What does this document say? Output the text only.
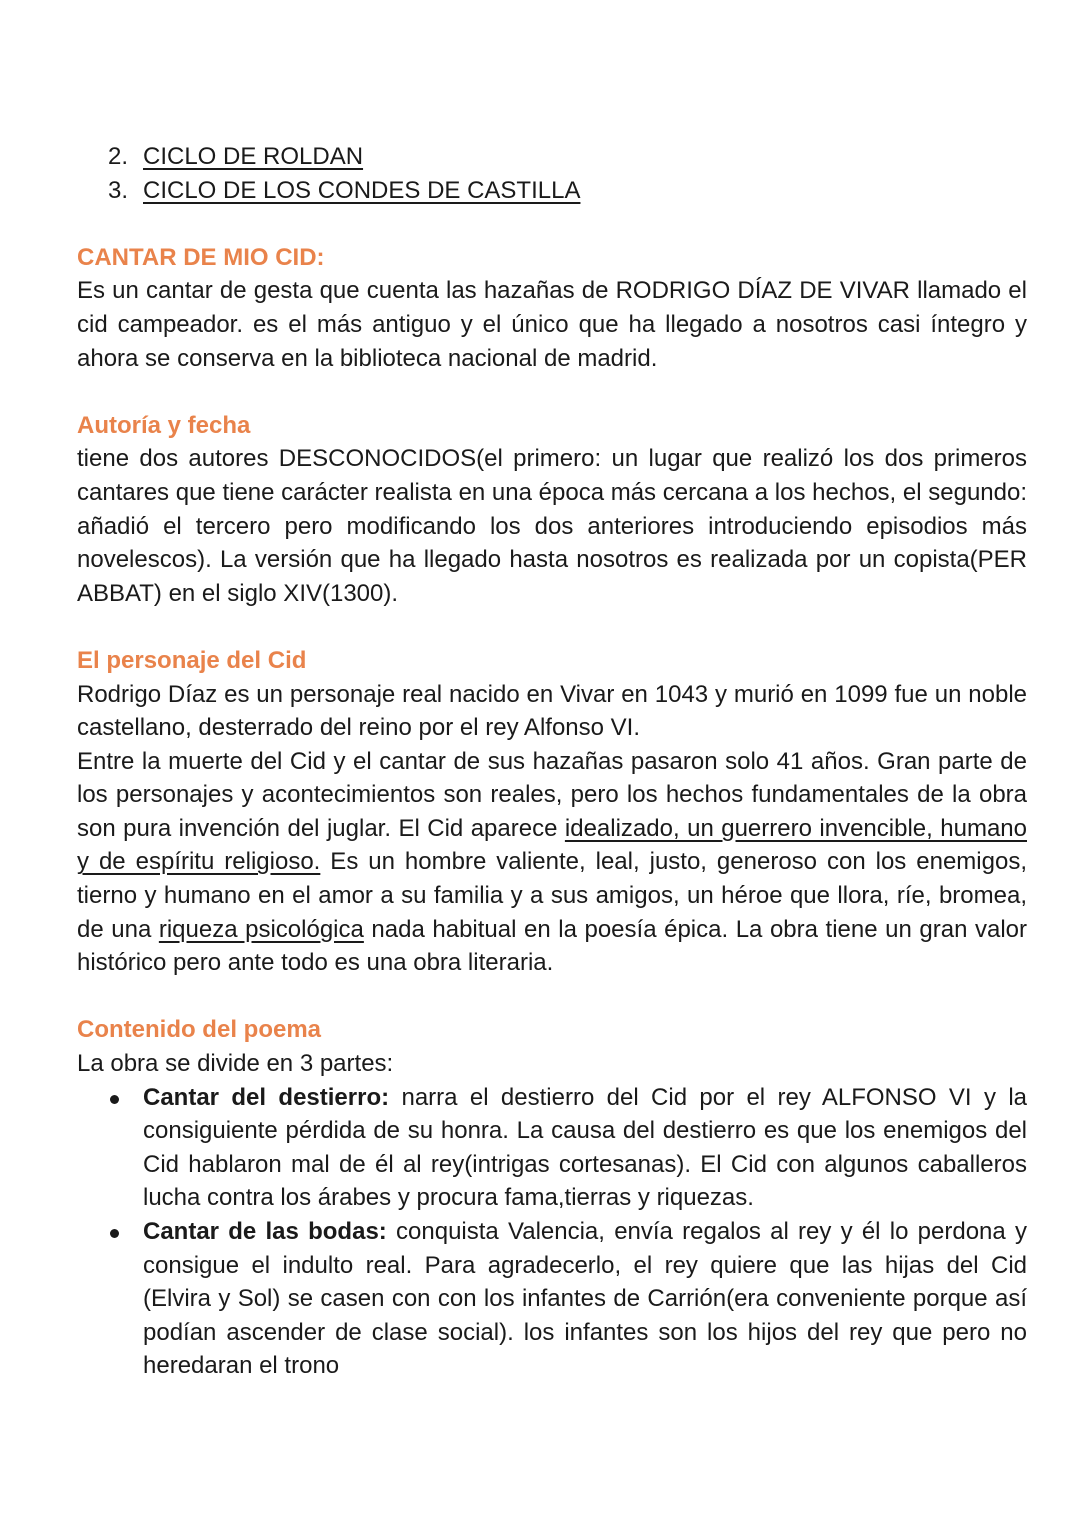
2. CICLO DE ROLDAN
3. CICLO DE LOS CONDES DE CASTILLA
CANTAR DE MIO CID:

Es un cantar de gesta que cuenta las hazañas de RODRIGO DÍAZ DE VIVAR llamado el cid campeador. es el más antiguo y el único que ha llegado a nosotros casi íntegro y ahora se conserva en la biblioteca nacional de madrid.

Autoría y fecha

tiene dos autores DESCONOCIDOS(el primero: un lugar que realizó los dos primeros cantares que tiene carácter realista en una época más cercana a los hechos, el segundo: añadió el tercero pero modificando los dos anteriores introduciendo episodios más novelescos). La versión que ha llegado hasta nosotros es realizada por un copista(PER ABBAT) en el siglo XIV(1300).

El personaje del Cid

Rodrigo Díaz es un personaje real nacido en Vivar en 1043 y murió en 1099 fue un noble castellano, desterrado del reino por el rey Alfonso VI.

Entre la muerte del Cid y el cantar de sus hazañas pasaron solo 41 años. Gran parte de los personajes y acontecimientos son reales, pero los hechos fundamentales de la obra son pura invención del juglar. El Cid aparece idealizado, un guerrero invencible, humano y de espíritu religioso. Es un hombre valiente, leal, justo, generoso con los enemigos, tierno y humano en el amor a su familia y a sus amigos, un héroe que llora, ríe, bromea, de una riqueza psicológica nada habitual en la poesía épica. La obra tiene un gran valor histórico pero ante todo es una obra literaria.

Contenido del poema

La obra se divide en 3 partes:

Cantar del destierro: narra el destierro del Cid por el rey ALFONSO VI y la consiguiente pérdida de su honra. La causa del destierro es que los enemigos del Cid hablaron mal de él al rey(intrigas cortesanas). El Cid con algunos caballeros lucha contra los árabes y procura fama,tierras y riquezas.
Cantar de las bodas: conquista Valencia, envía regalos al rey y él lo perdona y consigue el indulto real. Para agradecerlo, el rey quiere que las hijas del Cid (Elvira y Sol) se casen con con los infantes de Carrión(era conveniente porque así podían ascender de clase social). los infantes son los hijos del rey que pero no heredaran el trono
